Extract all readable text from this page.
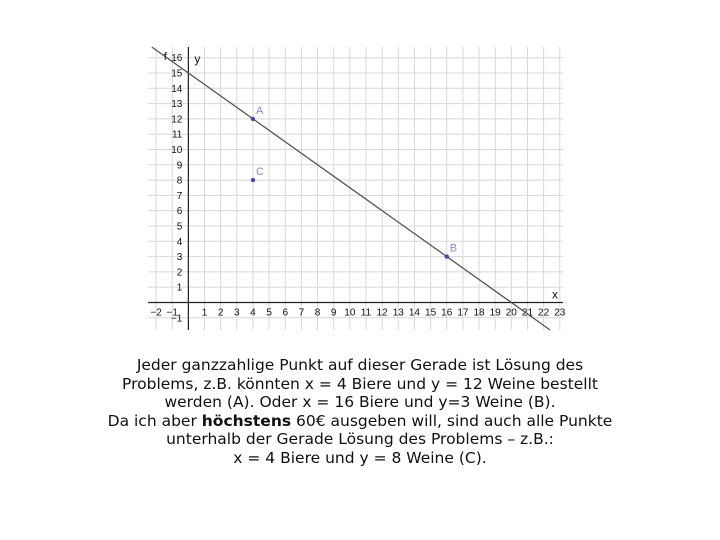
−2 −1 1 2 3 4 5 6 7 8 9 10 11 12 13 14 15 16 17 18 19 20 21 22 23
16
15
14
13
12
11
10
9
8
7
6
5
4
3
2
1
−1
f
x
y
A
B
C
Jeder ganzzahlige Punkt auf dieser Gerade ist Lösung des
Problems, z.B. könnten x = 4 Biere und y = 12 Weine bestellt
werden (A). Oder x = 16 Biere und y=3 Weine (B).
Da ich aber höchstens 60€ ausgeben will, sind auch alle Punkte
unterhalb der Gerade Lösung des Problems – z.B.:
x = 4 Biere und y = 8 Weine (C).
